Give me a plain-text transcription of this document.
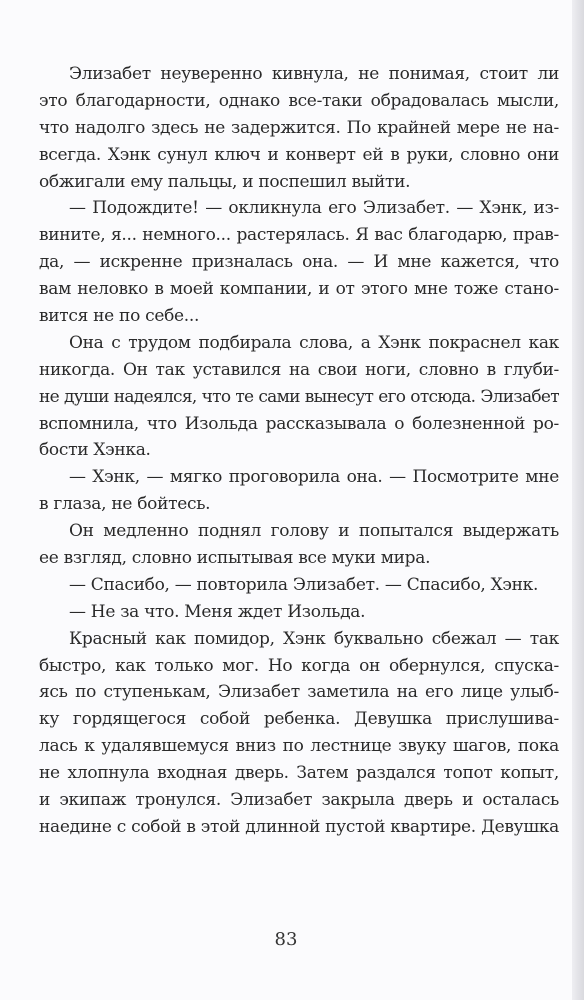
Элизабет неуверенно кивнула, не понимая, стоит ли
это благодарности, однако все-таки обрадовалась мысли,
что надолго здесь не задержится. По крайней мере не на-
всегда. Хэнк сунул ключ и конверт ей в руки, словно они
обжигали ему пальцы, и поспешил выйти.
— Подождите! — окликнула его Элизабет. — Хэнк, из-
вините, я... немного... растерялась. Я вас благодарю, прав-
да, — искренне призналась она. — И мне кажется, что
вам неловко в моей компании, и от этого мне тоже стано-
вится не по себе...
Она с трудом подбирала слова, а Хэнк покраснел как
никогда. Он так уставился на свои ноги, словно в глуби-
не души надеялся, что те сами вынесут его отсюда. Элизабет
вспомнила, что Изольда рассказывала о болезненной ро-
бости Хэнка.
— Хэнк, — мягко проговорила она. — Посмотрите мне
в глаза, не бойтесь.
Он медленно поднял голову и попытался выдержать
ее взгляд, словно испытывая все муки мира.
— Спасибо, — повторила Элизабет. — Спасибо, Хэнк.
— Не за что. Меня ждет Изольда.
Красный как помидор, Хэнк буквально сбежал — так
быстро, как только мог. Но когда он обернулся, спуска-
ясь по ступенькам, Элизабет заметила на его лице улыб-
ку гордящегося собой ребенка. Девушка прислушива-
лась к удалявшемуся вниз по лестнице звуку шагов, пока
не хлопнула входная дверь. Затем раздался топот копыт,
и экипаж тронулся. Элизабет закрыла дверь и осталась
наедине с собой в этой длинной пустой квартире. Девушка
83
